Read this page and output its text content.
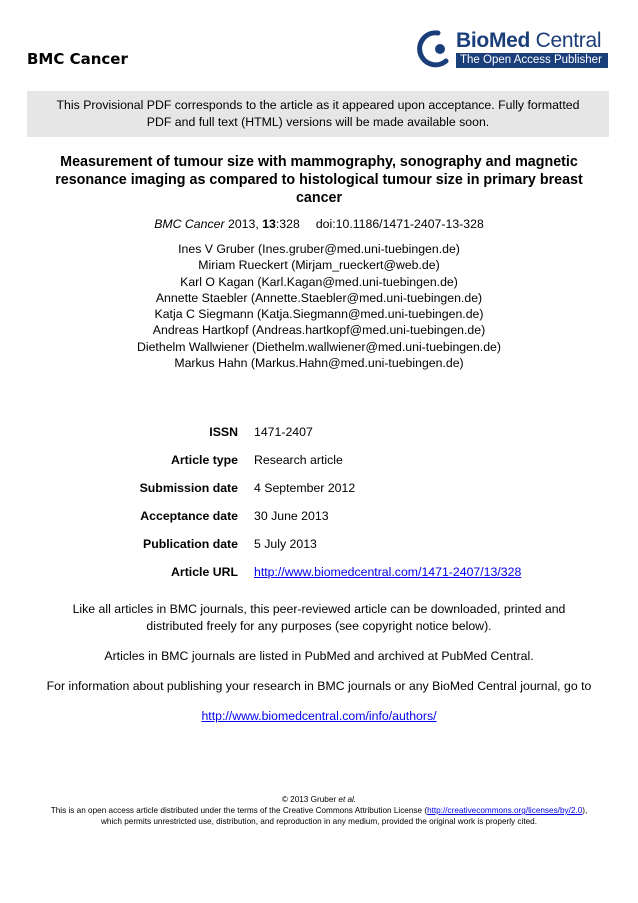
BMC Cancer
BioMed Central
The Open Access Publisher
This Provisional PDF corresponds to the article as it appeared upon acceptance. Fully formatted
PDF and full text (HTML) versions will be made available soon.
Measurement of tumour size with mammography, sonography and magnetic
resonance imaging as compared to histological tumour size in primary breast
cancer
BMC Cancer 2013, 13:328 doi:10.1186/1471-2407-13-328
Ines V Gruber (Ines.gruber@med.uni-tuebingen.de)
Miriam Rueckert (Mirjam_rueckert@web.de)
Karl O Kagan (Karl.Kagan@med.uni-tuebingen.de)
Annette Staebler (Annette.Staebler@med.uni-tuebingen.de)
Katja C Siegmann (Katja.Siegmann@med.uni-tuebingen.de)
Andreas Hartkopf (Andreas.hartkopf@med.uni-tuebingen.de)
Diethelm Wallwiener (Diethelm.wallwiener@med.uni-tuebingen.de)
Markus Hahn (Markus.Hahn@med.uni-tuebingen.de)
ISSN 1471-2407
Article type Research article
Submission date 4 September 2012
Acceptance date 30 June 2013
Publication date 5 July 2013
Article URL http://www.biomedcentral.com/1471-2407/13/328

Like all articles in BMC journals, this peer-reviewed article can be downloaded, printed and
distributed freely for any purposes (see copyright notice below).

Articles in BMC journals are listed in PubMed and archived at PubMed Central.

For information about publishing your research in BMC journals or any BioMed Central journal, go to

http://www.biomedcentral.com/info/authors/

© 2013 Gruber et al.
This is an open access article distributed under the terms of the Creative Commons Attribution License (http://creativecommons.org/licenses/by/2.0),
which permits unrestricted use, distribution, and reproduction in any medium, provided the original work is properly cited.
